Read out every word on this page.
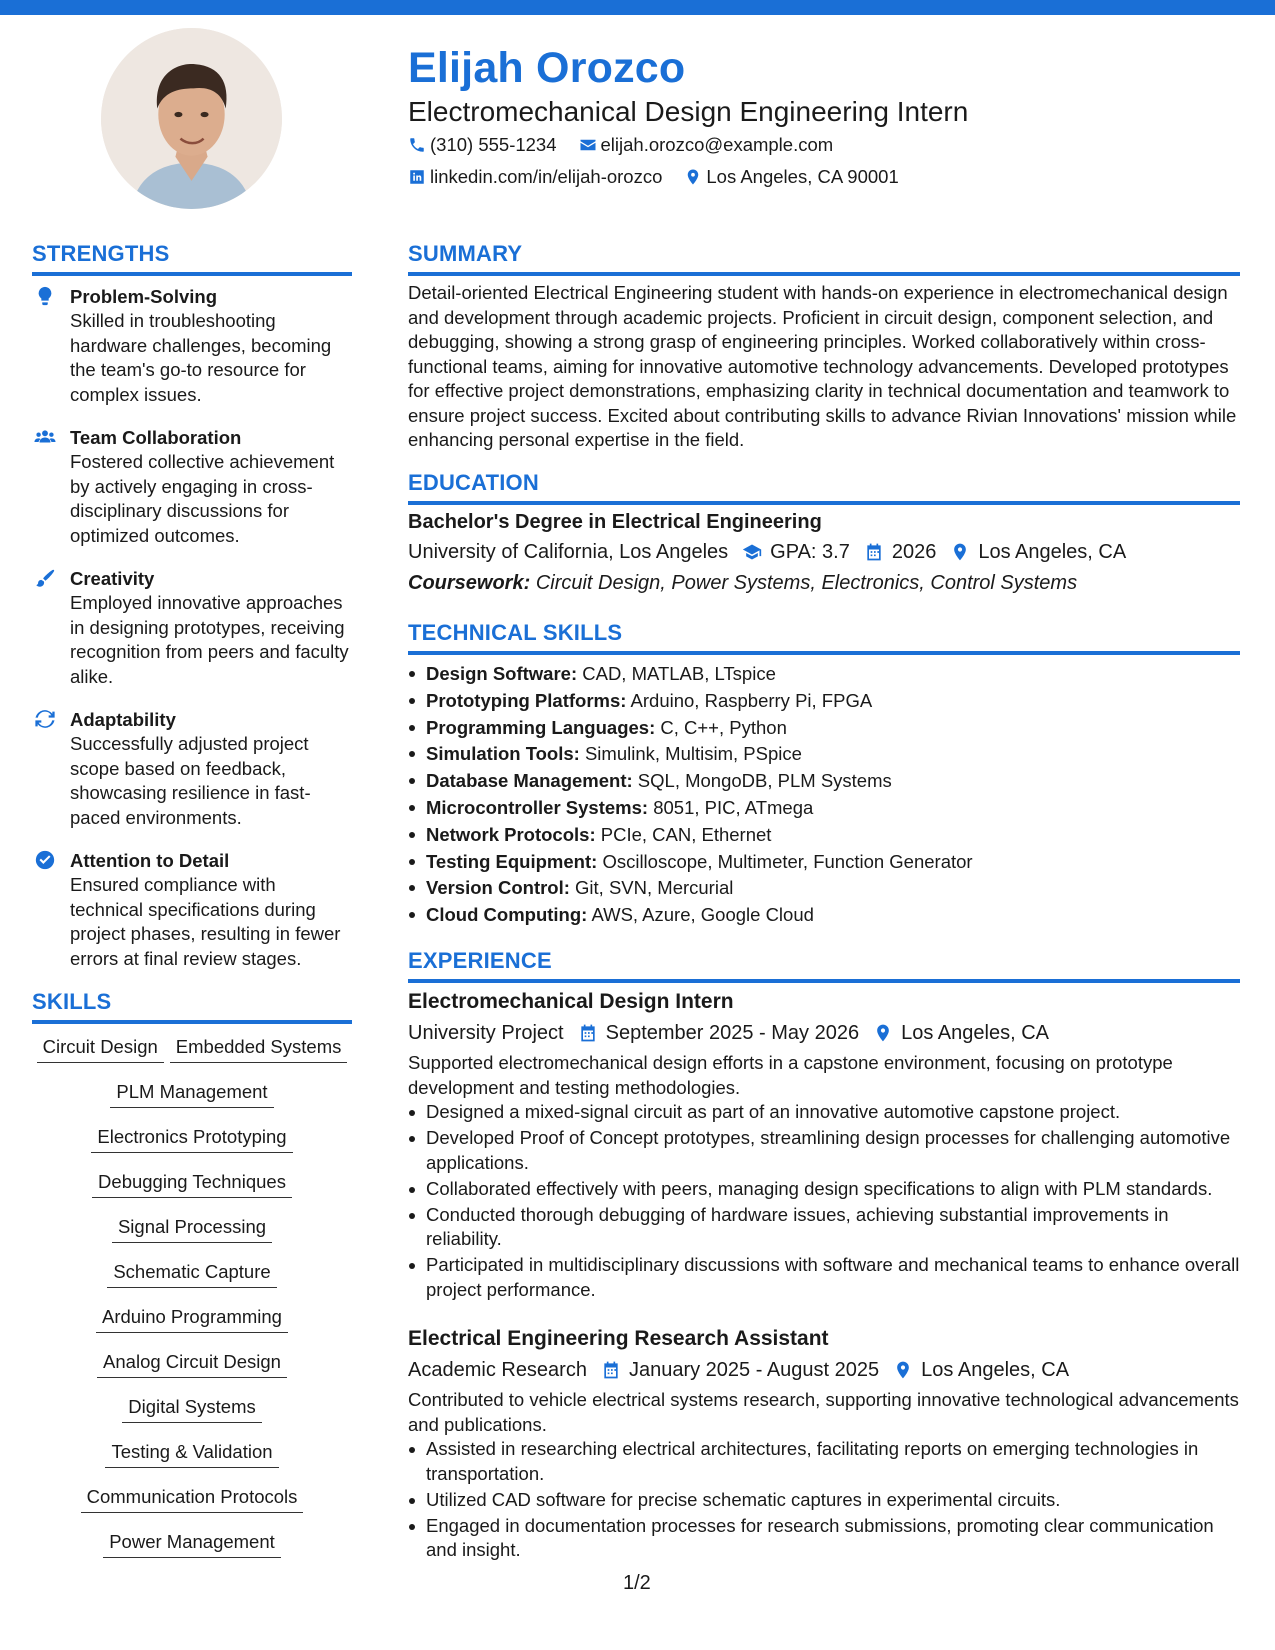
Elijah Orozco
Electromechanical Design Engineering Intern
(310) 555-1234 elijah.orozco@example.com
linkedin.com/in/elijah-orozco Los Angeles, CA 90001
STRENGTHS
Problem-Solving
Skilled in troubleshooting hardware challenges, becoming the team's go-to resource for complex issues.
Team Collaboration
Fostered collective achievement by actively engaging in cross-disciplinary discussions for optimized outcomes.
Creativity
Employed innovative approaches in designing prototypes, receiving recognition from peers and faculty alike.
Adaptability
Successfully adjusted project scope based on feedback, showcasing resilience in fast-paced environments.
Attention to Detail
Ensured compliance with technical specifications during project phases, resulting in fewer errors at final review stages.
SKILLS
Circuit Design Embedded Systems
PLM Management
Electronics Prototyping
Debugging Techniques
Signal Processing
Schematic Capture
Arduino Programming
Analog Circuit Design
Digital Systems
Testing & Validation
Communication Protocols
Power Management
SUMMARY
Detail-oriented Electrical Engineering student with hands-on experience in electromechanical design and development through academic projects. Proficient in circuit design, component selection, and debugging, showing a strong grasp of engineering principles. Worked collaboratively within cross-functional teams, aiming for innovative automotive technology advancements. Developed prototypes for effective project demonstrations, emphasizing clarity in technical documentation and teamwork to ensure project success. Excited about contributing skills to advance Rivian Innovations' mission while enhancing personal expertise in the field.
EDUCATION
Bachelor's Degree in Electrical Engineering
University of California, Los Angeles GPA: 3.7 2026 Los Angeles, CA
Coursework: Circuit Design, Power Systems, Electronics, Control Systems
TECHNICAL SKILLS
Design Software: CAD, MATLAB, LTspice
Prototyping Platforms: Arduino, Raspberry Pi, FPGA
Programming Languages: C, C++, Python
Simulation Tools: Simulink, Multisim, PSpice
Database Management: SQL, MongoDB, PLM Systems
Microcontroller Systems: 8051, PIC, ATmega
Network Protocols: PCIe, CAN, Ethernet
Testing Equipment: Oscilloscope, Multimeter, Function Generator
Version Control: Git, SVN, Mercurial
Cloud Computing: AWS, Azure, Google Cloud
EXPERIENCE
Electromechanical Design Intern
University Project September 2025 - May 2026 Los Angeles, CA
Supported electromechanical design efforts in a capstone environment, focusing on prototype development and testing methodologies.
Designed a mixed-signal circuit as part of an innovative automotive capstone project.
Developed Proof of Concept prototypes, streamlining design processes for challenging automotive applications.
Collaborated effectively with peers, managing design specifications to align with PLM standards.
Conducted thorough debugging of hardware issues, achieving substantial improvements in reliability.
Participated in multidisciplinary discussions with software and mechanical teams to enhance overall project performance.
Electrical Engineering Research Assistant
Academic Research January 2025 - August 2025 Los Angeles, CA
Contributed to vehicle electrical systems research, supporting innovative technological advancements and publications.
Assisted in researching electrical architectures, facilitating reports on emerging technologies in transportation.
Utilized CAD software for precise schematic captures in experimental circuits.
Engaged in documentation processes for research submissions, promoting clear communication and insight.
1/2
